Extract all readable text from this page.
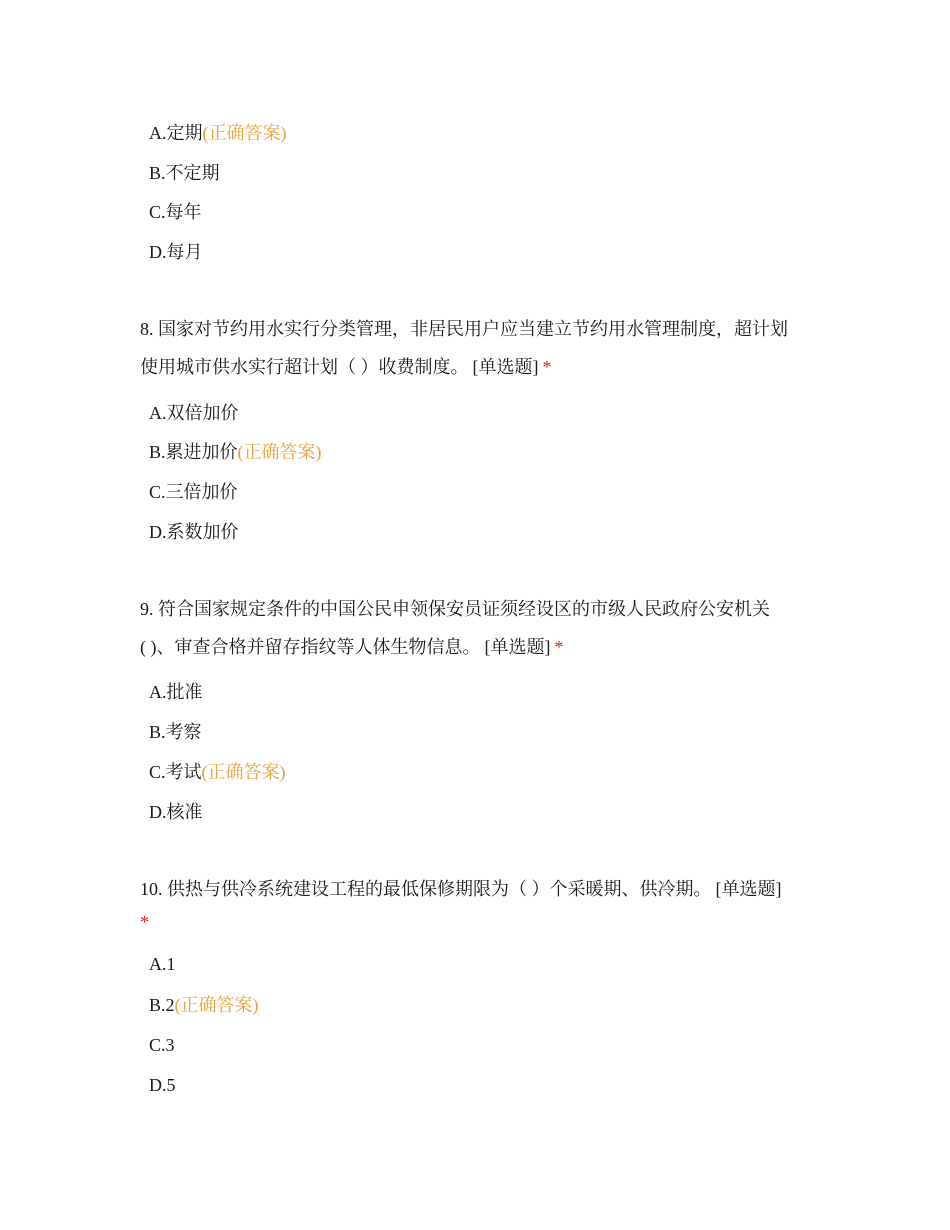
A.定期(正确答案)
B.不定期
C.每年
D.每月
8. 国家对节约用水实行分类管理，非居民用户应当建立节约用水管理制度，超计划
使用城市供水实行超计划（ ）收费制度。 [单选题] *
A.双倍加价
B.累进加价(正确答案)
C.三倍加价
D.系数加价
9. 符合国家规定条件的中国公民申领保安员证须经设区的市级人民政府公安机关
( )、审查合格并留存指纹等人体生物信息。 [单选题] *
A.批准
B.考察
C.考试(正确答案)
D.核准
10. 供热与供冷系统建设工程的最低保修期限为（ ）个采暖期、供冷期。 [单选题]
*
A.1
B.2(正确答案)
C.3
D.5
